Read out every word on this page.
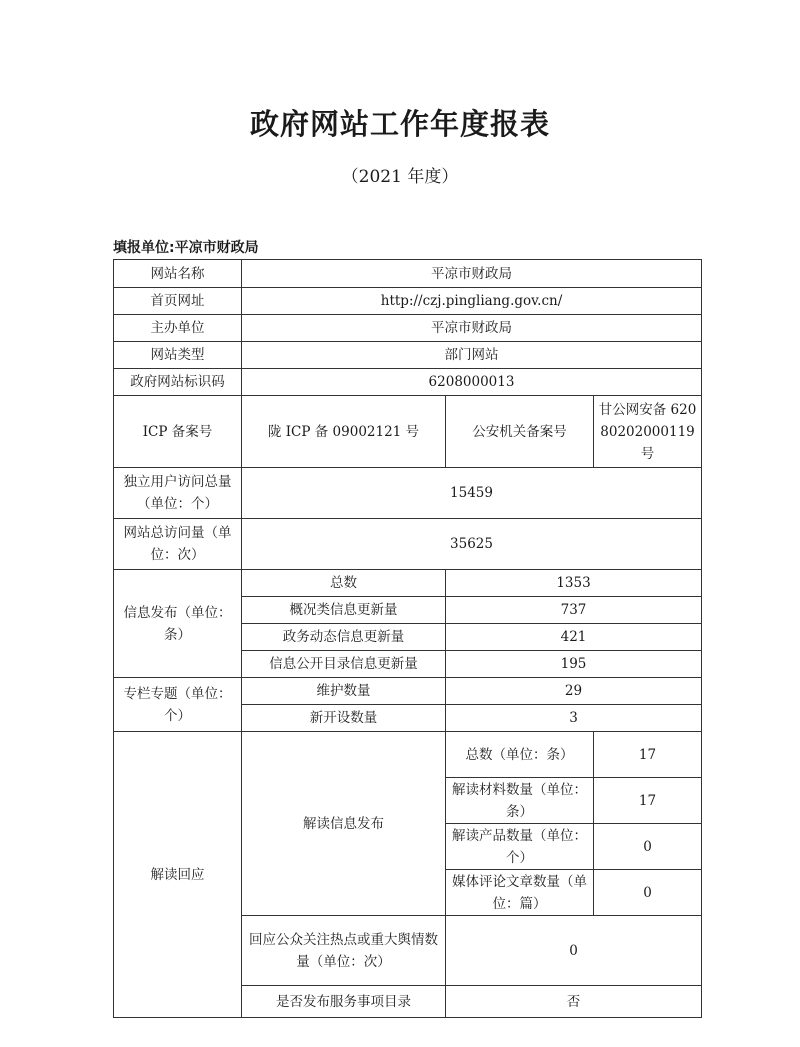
政府网站工作年度报表
（2021 年度）
填报单位:平凉市财政局
网站名称	平凉市财政局		
首页网址	http://czj.pingliang.gov.cn/		
主办单位	平凉市财政局		
网站类型	部门网站		
政府网站标识码	6208000013		
ICP 备案号	陇 ICP 备 09002121 号	公安机关备案号	甘公网安备 62080202000119 号
独立用户访问总量（单位：个）	15459		
网站总访问量（单位：次）	35625		
信息发布（单位：条）	总数	1353	
	概况类信息更新量	737	
	政务动态信息更新量	421	
	信息公开目录信息更新量	195	
专栏专题（单位：个）	维护数量	29	
	新开设数量	3	
解读回应	解读信息发布	总数（单位：条）	17
		解读材料数量（单位：条）	17
		解读产品数量（单位：个）	0
		媒体评论文章数量（单位：篇）	0
	回应公众关注热点或重大舆情数量（单位：次）	0	
	是否发布服务事项目录	否	
